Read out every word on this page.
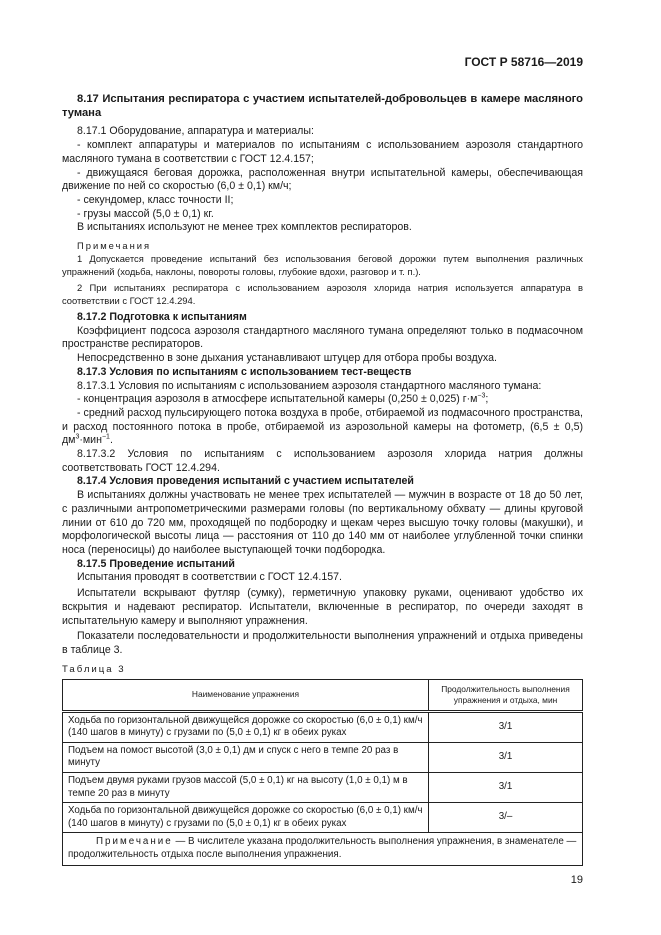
ГОСТ Р 58716—2019
8.17 Испытания респиратора с участием испытателей-добровольцев в камере масляного тумана

8.17.1 Оборудование, аппаратура и материалы:

- комплект аппаратуры и материалов по испытаниям с использованием аэрозоля стандартного масляного тумана в соответствии с ГОСТ 12.4.157;

- движущаяся беговая дорожка, расположенная внутри испытательной камеры, обеспечивающая движение по ней со скоростью (6,0 ± 0,1) км/ч;

- секундомер, класс точности II;

- грузы массой (5,0 ± 0,1) кг.

В испытаниях используют не менее трех комплектов респираторов.

Примечания

1 Допускается проведение испытаний без использования беговой дорожки путем выполнения различных упражнений (ходьба, наклоны, повороты головы, глубокие вдохи, разговор и т. п.).

2 При испытаниях респиратора с использованием аэрозоля хлорида натрия используется аппаратура в соответствии с ГОСТ 12.4.294.

8.17.2 Подготовка к испытаниям

Коэффициент подсоса аэрозоля стандартного масляного тумана определяют только в подмасочном пространстве респираторов.

Непосредственно в зоне дыхания устанавливают штуцер для отбора пробы воздуха.

8.17.3 Условия по испытаниям с использованием тест-веществ

8.17.3.1 Условия по испытаниям с использованием аэрозоля стандартного масляного тумана:

- концентрация аэрозоля в атмосфере испытательной камеры (0,250 ± 0,025) $г\cdot м^{-3}$;

- средний расход пульсирующего потока воздуха в пробе, отбираемой из подмасочного пространства, и расход постоянного потока в пробе, отбираемой из аэрозольной камеры на фотометр, (6,5 ± 0,5) $дм^3\cdot мин^{-1}$.

8.17.3.2 Условия по испытаниям с использованием аэрозоля хлорида натрия должны соответствовать ГОСТ 12.4.294.

8.17.4 Условия проведения испытаний с участием испытателей

В испытаниях должны участвовать не менее трех испытателей — мужчин в возрасте от 18 до 50 лет, с различными антропометрическими размерами головы (по вертикальному обхвату — длины круговой линии от 610 до 720 мм, проходящей по подбородку и щекам через высшую точку головы (макушки), и морфологической высоты лица — расстояния от 110 до 140 мм от наиболее углубленной точки спинки носа (переносицы) до наиболее выступающей точки подбородка.

8.17.5 Проведение испытаний

Испытания проводят в соответствии с ГОСТ 12.4.157.

Испытатели вскрывают футляр (сумку), герметичную упаковку руками, оценивают удобство их вскрытия и надевают респиратор. Испытатели, включенные в респиратор, по очереди заходят в испытательную камеру и выполняют упражнения.

Показатели последовательности и продолжительности выполнения упражнений и отдыха приведены в таблице 3.

Таблица 3
Наименование упражнения	Продолжительность выполнения упражнения и отдыха, мин
Ходьба по горизонтальной движущейся дорожке со скоростью (6,0 ± 0,1) км/ч (140 шагов в минуту) с грузами по (5,0 ± 0,1) кг в обеих руках	3/1
Подъем на помост высотой (3,0 ± 0,1) дм и спуск с него в темпе 20 раз в минуту	3/1
Подъем двумя руками грузов массой (5,0 ± 0,1) кг на высоту (1,0 ± 0,1) м в темпе 20 раз в минуту	3/1
Ходьба по горизонтальной движущейся дорожке со скоростью (6,0 ± 0,1) км/ч (140 шагов в минуту) с грузами по (5,0 ± 0,1) кг в обеих руках	3/–
Примечание — В числителе указана продолжительность выполнения упражнения, в знаменателе — продолжительность отдыха после выполнения упражнения.	
19
